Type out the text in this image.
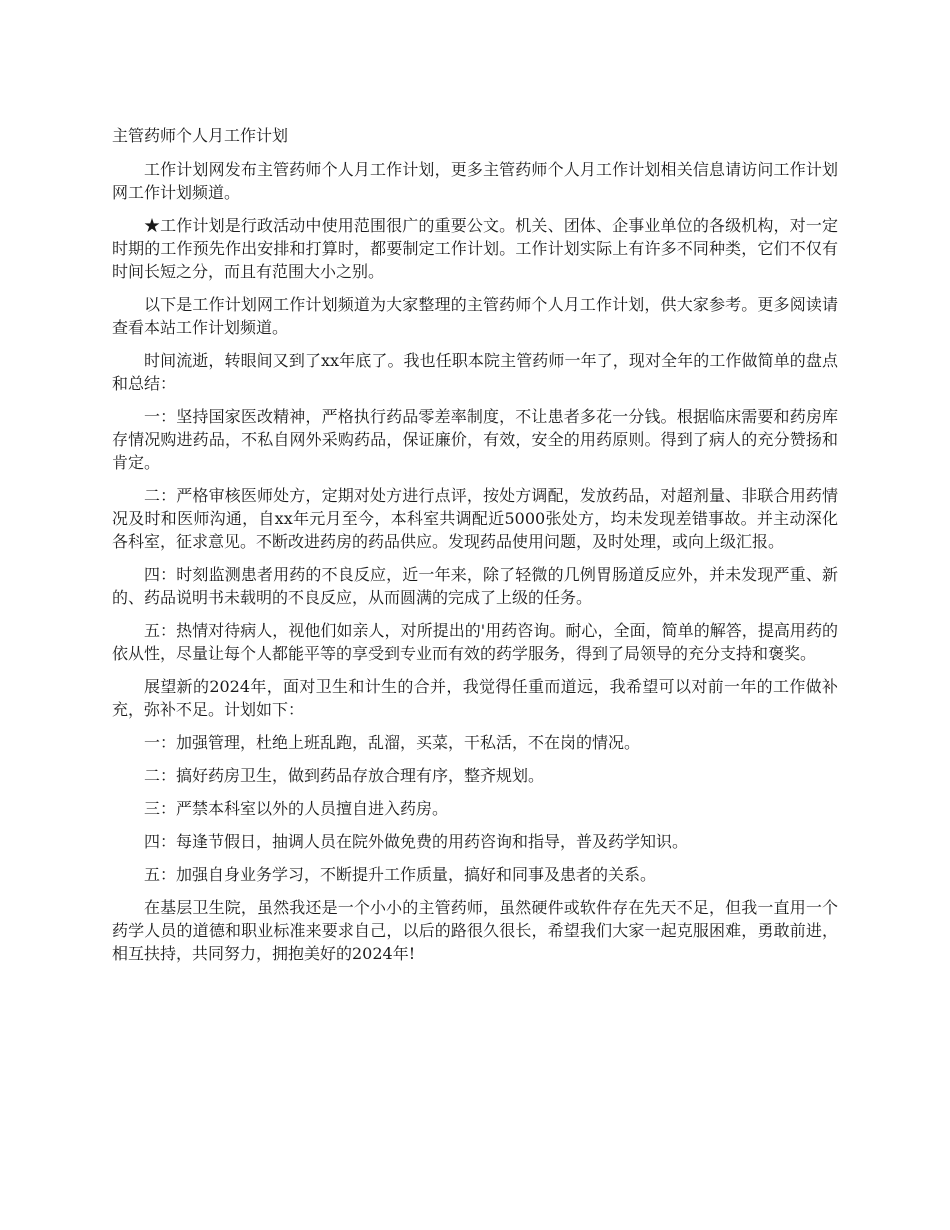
主管药师个人月工作计划

工作计划网发布主管药师个人月工作计划，更多主管药师个人月工作计划相关信息请访问工作计划网工作计划频道。

★工作计划是行政活动中使用范围很广的重要公文。机关、团体、企事业单位的各级机构，对一定时期的工作预先作出安排和打算时，都要制定工作计划。工作计划实际上有许多不同种类，它们不仅有时间长短之分，而且有范围大小之别。

以下是工作计划网工作计划频道为大家整理的主管药师个人月工作计划，供大家参考。更多阅读请查看本站工作计划频道。

时间流逝，转眼间又到了xx年底了。我也任职本院主管药师一年了，现对全年的工作做简单的盘点和总结：

一：坚持国家医改精神，严格执行药品零差率制度，不让患者多花一分钱。根据临床需要和药房库存情况购进药品，不私自网外采购药品，保证廉价，有效，安全的用药原则。得到了病人的充分赞扬和肯定。

二：严格审核医师处方，定期对处方进行点评，按处方调配，发放药品，对超剂量、非联合用药情况及时和医师沟通，自xx年元月至今，本科室共调配近5000张处方，均未发现差错事故。并主动深化各科室，征求意见。不断改进药房的药品供应。发现药品使用问题，及时处理，或向上级汇报。

四：时刻监测患者用药的不良反应，近一年来，除了轻微的几例胃肠道反应外，并未发现严重、新的、药品说明书未载明的不良反应，从而圆满的完成了上级的任务。

五：热情对待病人，视他们如亲人，对所提出的'用药咨询。耐心，全面，简单的解答，提高用药的依从性，尽量让每个人都能平等的享受到专业而有效的药学服务，得到了局领导的充分支持和褒奖。

展望新的2024年，面对卫生和计生的合并，我觉得任重而道远，我希望可以对前一年的工作做补充，弥补不足。计划如下：

一：加强管理，杜绝上班乱跑，乱溜，买菜，干私活，不在岗的情况。

二：搞好药房卫生，做到药品存放合理有序，整齐规划。

三：严禁本科室以外的人员擅自进入药房。

四：每逢节假日，抽调人员在院外做免费的用药咨询和指导，普及药学知识。

五：加强自身业务学习，不断提升工作质量，搞好和同事及患者的关系。

在基层卫生院，虽然我还是一个小小的主管药师，虽然硬件或软件存在先天不足，但我一直用一个药学人员的道德和职业标准来要求自己，以后的路很久很长，希望我们大家一起克服困难，勇敢前进，相互扶持，共同努力，拥抱美好的2024年!
